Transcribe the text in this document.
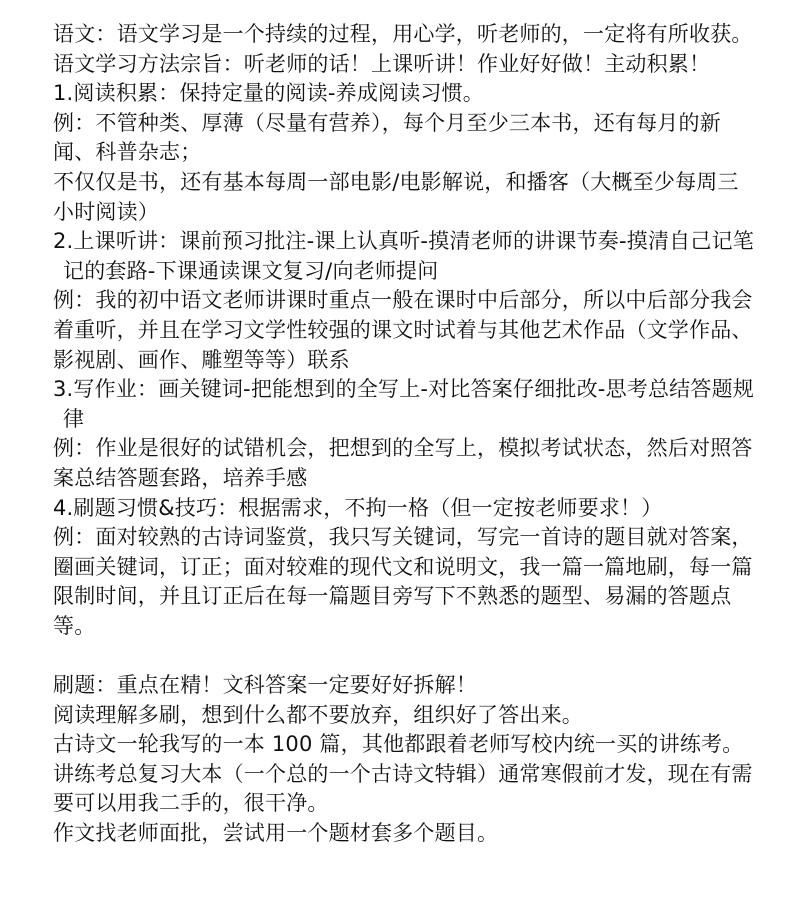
语文：语文学习是一个持续的过程，用心学，听老师的，一定将有所收获。

语文学习方法宗旨：听老师的话！上课听讲！作业好好做！主动积累！

1.阅读积累：保持定量的阅读-养成阅读习惯。

例：不管种类、厚薄（尽量有营养），每个月至少三本书，还有每月的新闻、科普杂志；

不仅仅是书，还有基本每周一部电影/电影解说，和播客（大概至少每周三小时阅读）

2.上课听讲：课前预习批注-课上认真听-摸清老师的讲课节奏-摸清自己记笔记的套路-下课通读课文复习/向老师提问

例：我的初中语文老师讲课时重点一般在课时中后部分，所以中后部分我会着重听，并且在学习文学性较强的课文时试着与其他艺术作品（文学作品、影视剧、画作、雕塑等等）联系

3.写作业：画关键词-把能想到的全写上-对比答案仔细批改-思考总结答题规律

例：作业是很好的试错机会，把想到的全写上，模拟考试状态，然后对照答案总结答题套路，培养手感

4.刷题习惯&技巧：根据需求，不拘一格（但一定按老师要求！）

例：面对较熟的古诗词鉴赏，我只写关键词，写完一首诗的题目就对答案，圈画关键词，订正；面对较难的现代文和说明文，我一篇一篇地刷，每一篇限制时间，并且订正后在每一篇题目旁写下不熟悉的题型、易漏的答题点等。

刷题：重点在精！文科答案一定要好好拆解！

阅读理解多刷，想到什么都不要放弃，组织好了答出来。

古诗文一轮我写的一本 100 篇，其他都跟着老师写校内统一买的讲练考。讲练考总复习大本（一个总的一个古诗文特辑）通常寒假前才发，现在有需要可以用我二手的，很干净。

作文找老师面批，尝试用一个题材套多个题目。
